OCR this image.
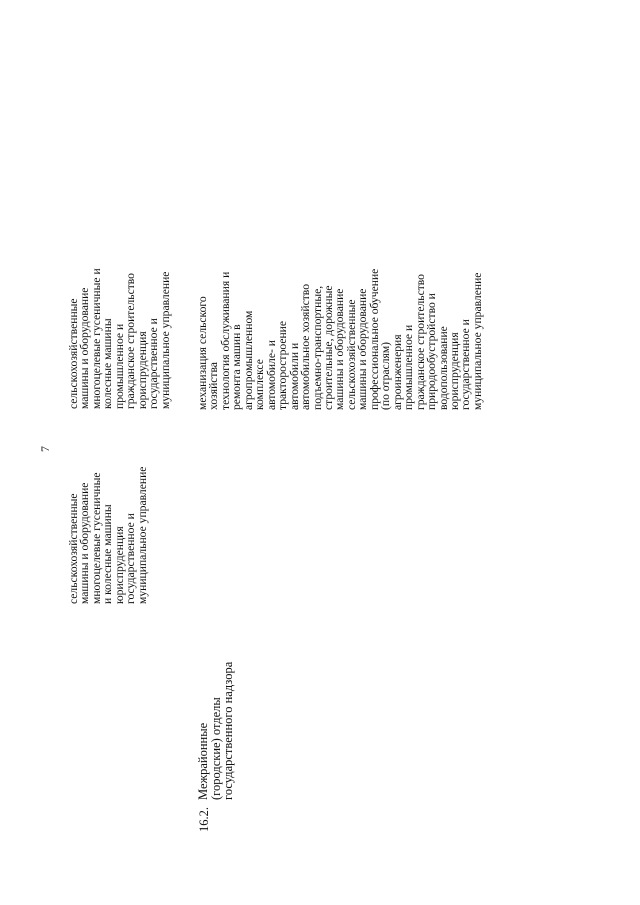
7
сельскохозяйственные
машины и оборудование
многоцелевые гусеничные
и колесные машины
юриспруденция
государственное и
муниципальное управление
сельскохозяйственные
машины и оборудование
многоцелевые гусеничные и
колесные машины
промышленное и
гражданское строительство
юриспруденция
государственное и
муниципальное управление
16.2.
Межрайонные
(городские) отделы
государственного надзора
механизация сельского
хозяйства
технология обслуживания и
ремонта машин в
агропромышленном
комплексе
автомобиле- и
тракторостроение
автомобили и
автомобильное хозяйство
подъемно-транспортные,
строительные, дорожные
машины и оборудование
сельскохозяйственные
машины и оборудование
профессиональное обучение
(по отраслям)
агроинженерия
промышленное и
гражданское строительство
природообустройство и
водопользование
юриспруденция
государственное и
муниципальное управление
